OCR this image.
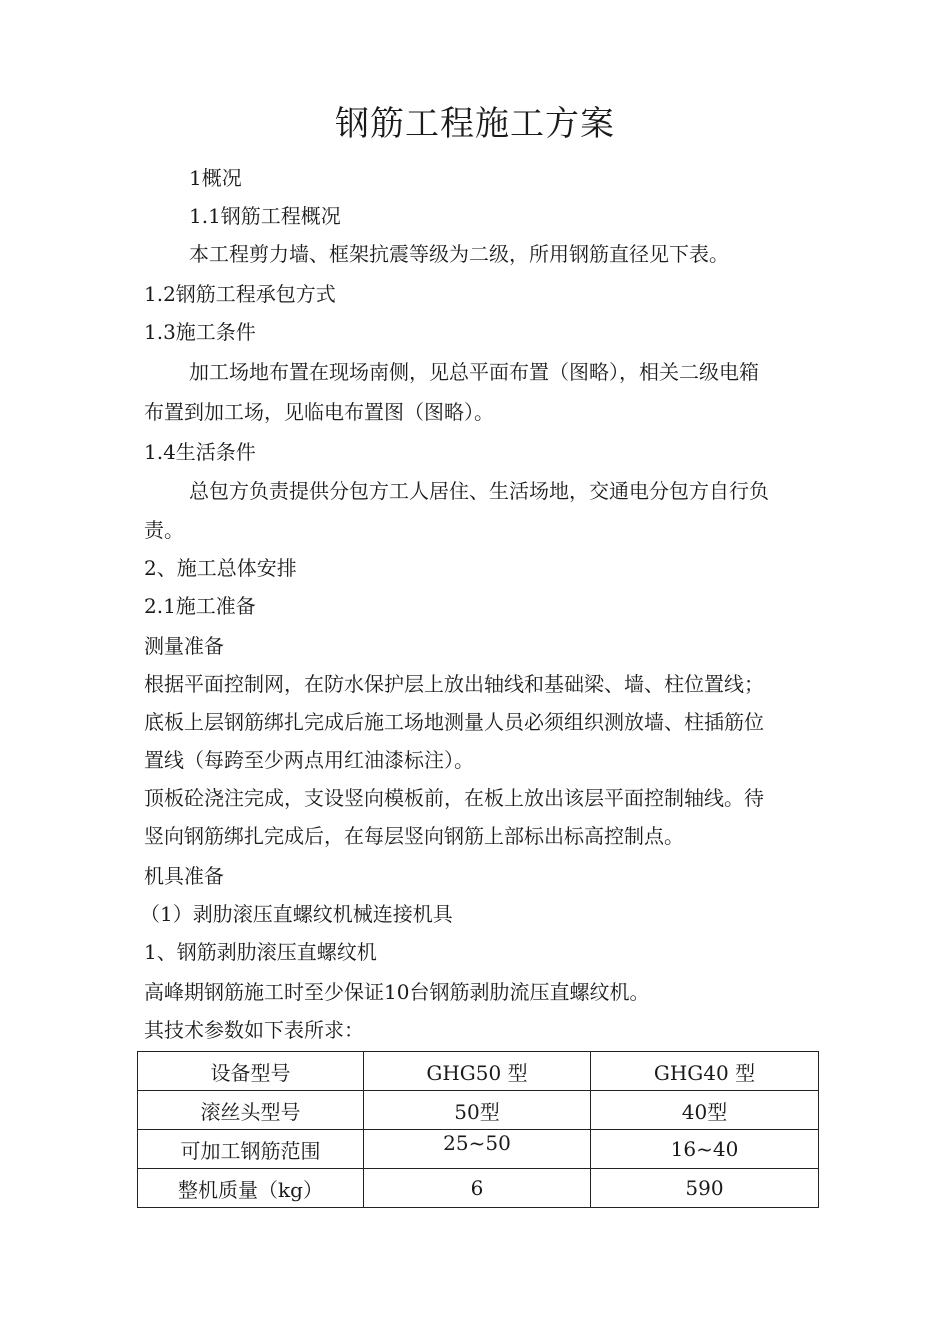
钢筋工程施工方案
1概况
1.1钢筋工程概况
本工程剪力墙、框架抗震等级为二级，所用钢筋直径见下表。
1.2钢筋工程承包方式
1.3施工条件
加工场地布置在现场南侧，见总平面布置（图略），相关二级电箱
布置到加工场，见临电布置图（图略）。
1.4生活条件
总包方负责提供分包方工人居住、生活场地，交通电分包方自行负
责。
2、施工总体安排
2.1施工准备
测量准备
根据平面控制网，在防水保护层上放出轴线和基础梁、墙、柱位置线；
底板上层钢筋绑扎完成后施工场地测量人员必须组织测放墙、柱插筋位
置线（每跨至少两点用红油漆标注）。
顶板砼浇注完成，支设竖向模板前，在板上放出该层平面控制轴线。待
竖向钢筋绑扎完成后，在每层竖向钢筋上部标出标高控制点。
机具准备
（1）剥肋滚压直螺纹机械连接机具
1、钢筋剥肋滚压直螺纹机
高峰期钢筋施工时至少保证10台钢筋剥肋流压直螺纹机。
其技术参数如下表所求：
设备型号	GHG50 型	GHG40 型
滚丝头型号	50型	40型
可加工钢筋范围	25~50	16~40
整机质量（kg）	6	590
